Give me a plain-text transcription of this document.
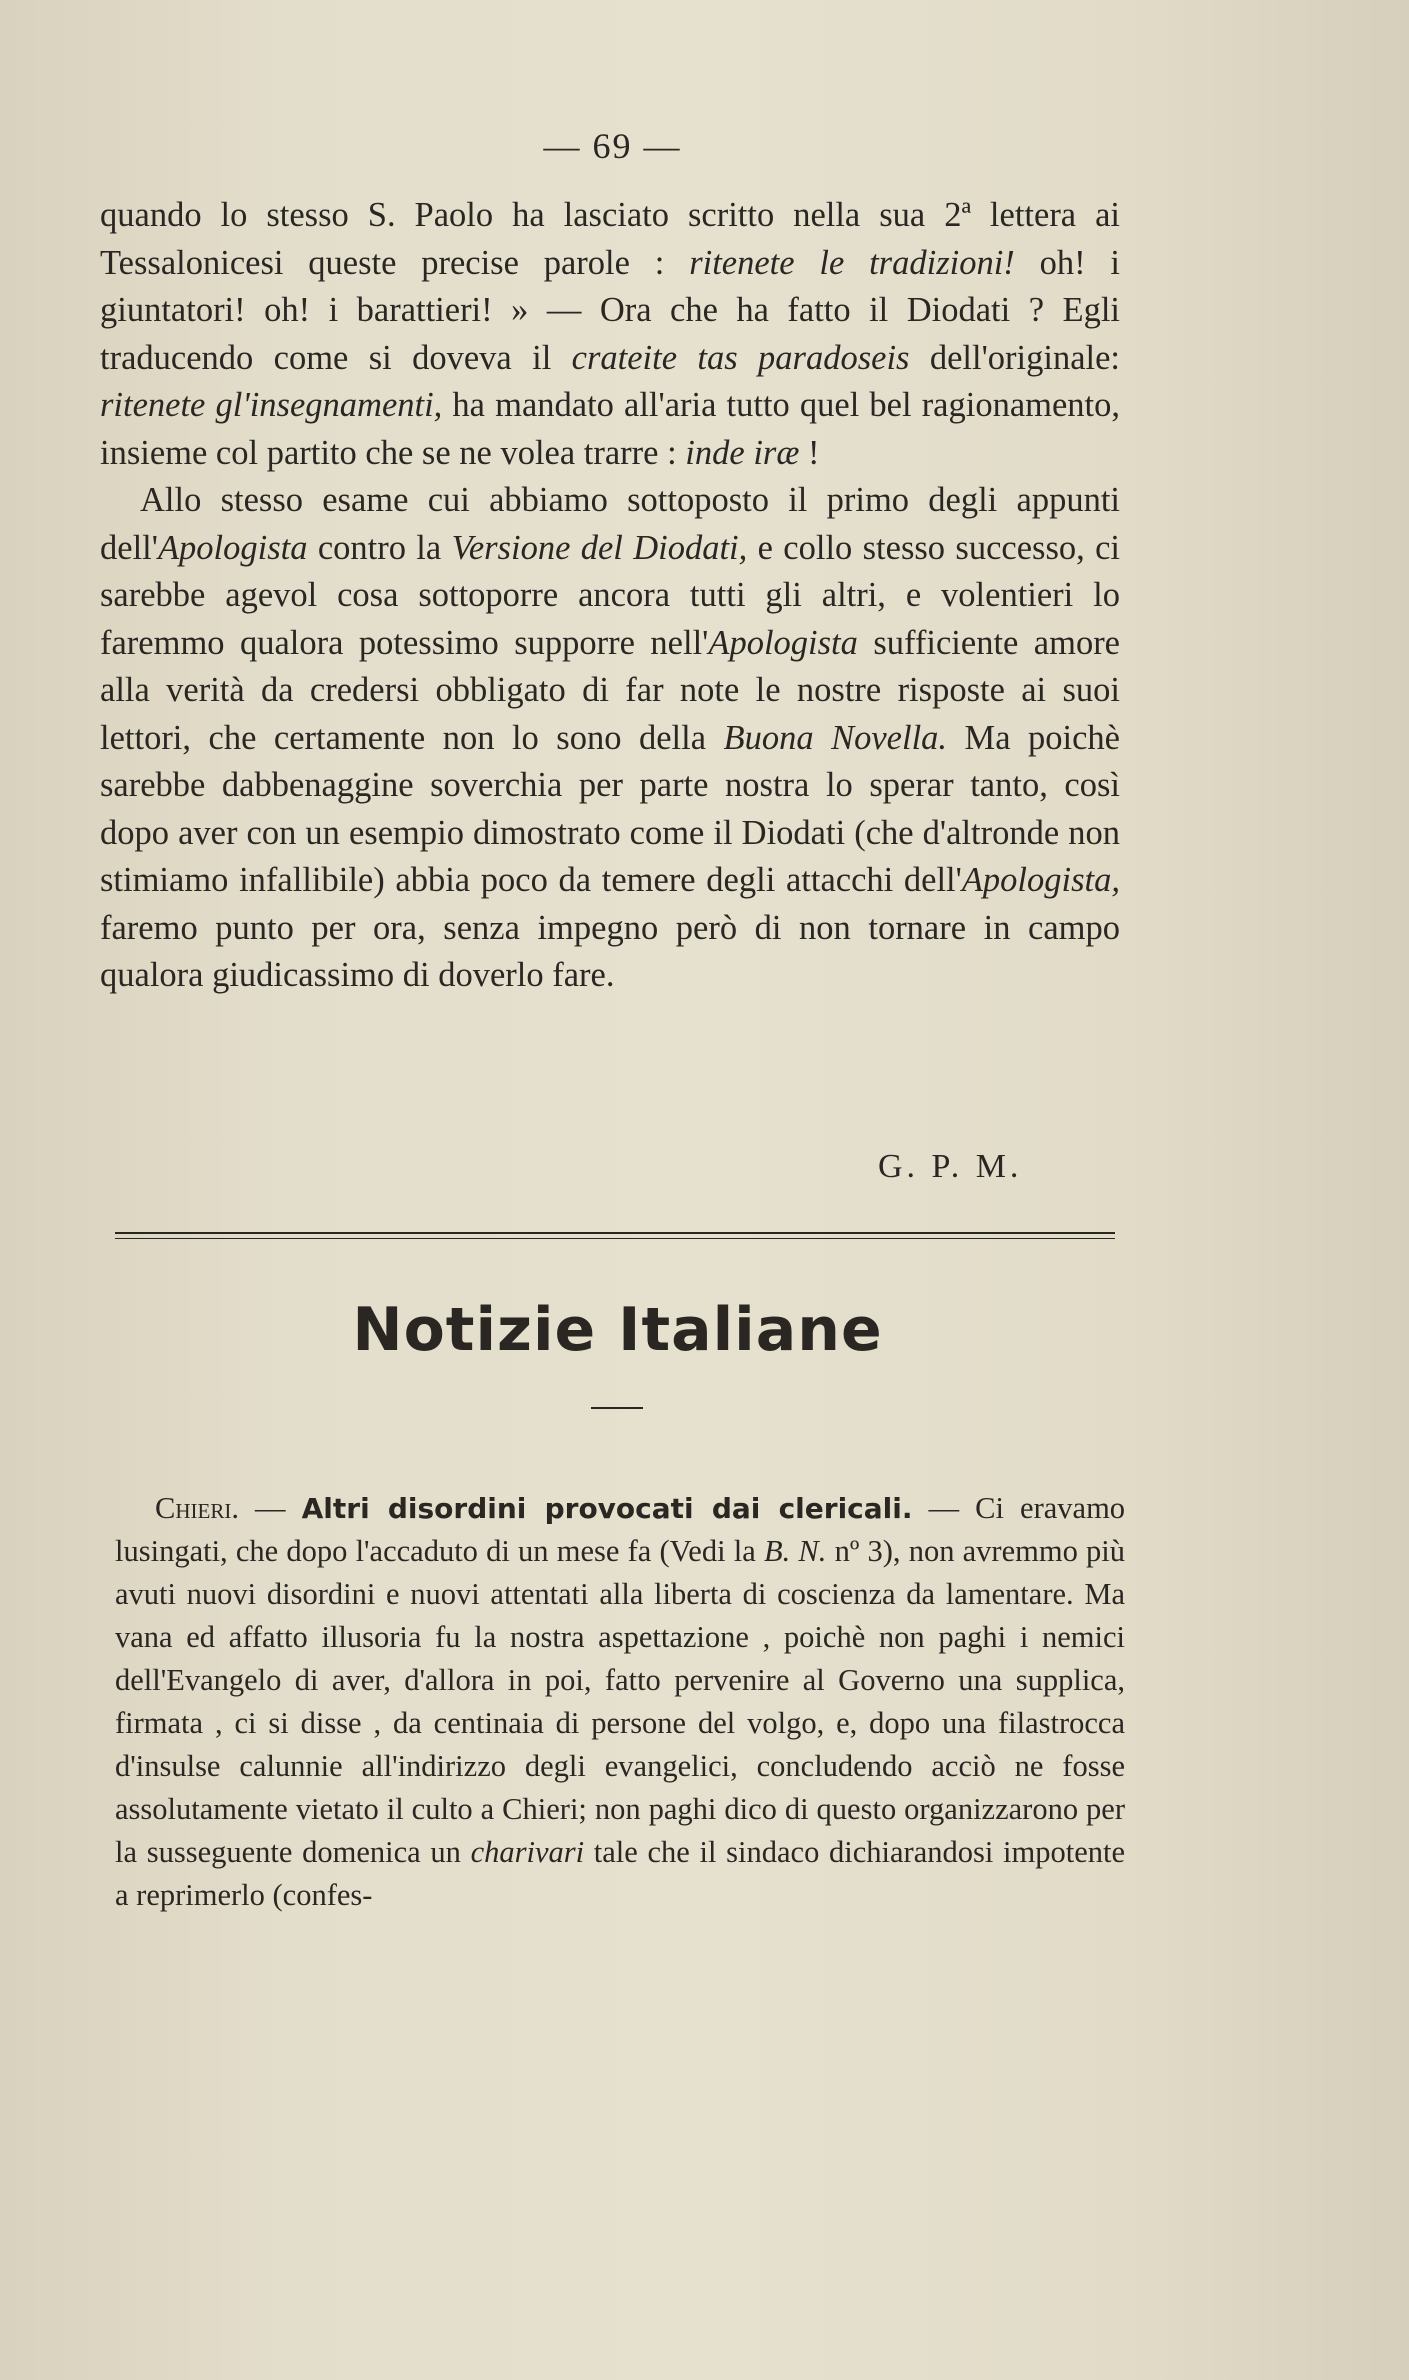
— 69 —

quando lo stesso S. Paolo ha lasciato scritto nella sua 2ª lettera ai Tessalonicesi queste precise parole : ritenete le tradizioni! oh! i giuntatori! oh! i barattieri! » — Ora che ha fatto il Diodati ? Egli traducendo come si doveva il crateite tas paradoseis dell'originale: ritenete gl'insegnamenti, ha mandato all'aria tutto quel bel ragionamento, insieme col partito che se ne volea trarre : inde iræ !

Allo stesso esame cui abbiamo sottoposto il primo degli appunti dell'Apologista contro la Versione del Diodati, e collo stesso successo, ci sarebbe agevol cosa sottoporre ancora tutti gli altri, e volentieri lo faremmo qualora potessimo supporre nell'Apologista sufficiente amore alla verità da credersi obbligato di far note le nostre risposte ai suoi lettori, che certamente non lo sono della Buona Novella. Ma poichè sarebbe dabbenaggine soverchia per parte nostra lo sperar tanto, così dopo aver con un esempio dimostrato come il Diodati (che d'altronde non stimiamo infallibile) abbia poco da temere degli attacchi dell'Apologista, faremo punto per ora, senza impegno però di non tornare in campo qualora giudicassimo di doverlo fare.

G. P. M.
Notizie Italiane

Chieri. — Altri disordini provocati dai clericali. — Ci eravamo lusingati, che dopo l'accaduto di un mese fa (Vedi la B. N. nº 3), non avremmo più avuti nuovi disordini e nuovi attentati alla liberta di coscienza da lamentare. Ma vana ed affatto illusoria fu la nostra aspettazione , poichè non paghi i nemici dell'Evangelo di aver, d'allora in poi, fatto pervenire al Governo una supplica, firmata , ci si disse , da centinaia di persone del volgo, e, dopo una filastrocca d'insulse calunnie all'indirizzo degli evangelici, concludendo acciò ne fosse assolutamente vietato il culto a Chieri; non paghi dico di questo organizzarono per la susseguente domenica un charivari tale che il sindaco dichiarandosi impotente a reprimerlo (confes-
